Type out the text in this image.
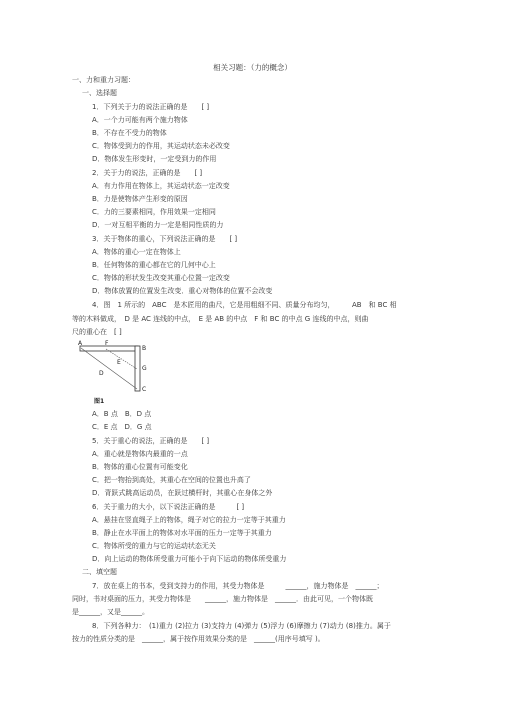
相关习题：（力的概念）
一、力和重力习题：
一、选择题
1．下列关于力的说法正确的是　　[ ]
A．一个力可能有两个施力物体
B．不存在不受力的物体
C．物体受到力的作用，其运动状态未必改变
D．物体发生形变时，一定受到力的作用
2．关于力的说法，正确的是　　[ ]
A．有力作用在物体上，其运动状态一定改变
B．力是使物体产生形变的原因
C．力的三要素相同，作用效果一定相同
D．一对互相平衡的力一定是相同性质的力
3．关于物体的重心，下列说法正确的是　　[ ]
A．物体的重心一定在物体上
B．任何物体的重心都在它的几何中心上
C．物体的形状发生改变其重心位置一定改变
D．物体放置的位置发生改变．重心对物体的位置不会改变
4．图　1 所示的　ABC　是木匠用的曲尺，它是用粗细不同、质量分布均匀，　　　AB　和 BC 相
等的木料做成，　D 是 AC 连线的中点，　E 是 AB 的中点　F 和 BC 的中点 G 连线的中点，则曲
尺的重心在　[ ]
A	F
B
E
D
G
C
图1
A．B 点　B．D 点
C．E 点　D．G 点
5．关于重心的说法，正确的是　　[ ]
A．重心就是物体内最重的一点
B．物体的重心位置有可能变化
C．把一物抬到高处，其重心在空间的位置也升高了
D．背跃式跳高运动员，在跃过横杆时，其重心在身体之外
6．关于重力的大小，以下说法正确的是　　　[ ]
A．悬挂在竖直绳子上的物体，绳子对它的拉力一定等于其重力
B．静止在水平面上的物体对水平面的压力一定等于其重力
C．物体所受的重力与它的运动状态无关
D．向上运动的物体所受重力可能小于向下运动的物体所受重力
二、填空题
7．放在桌上的书本，受到支持力的作用，其受力物体是　　　______，施力物体是　______；
同时，书对桌面的压力，其受力物体是　　______，施力物体是　______．由此可见，一个物体既
是______，又是______。
8．下列各种力：　(1)重力 (2)拉力 (3)支持力 (4)弹力 (5)浮力 (6)摩擦力 (7)动力 (8)推力。属于
按力的性质分类的是　______，属于按作用效果分类的是　______(用序号填写 )。
